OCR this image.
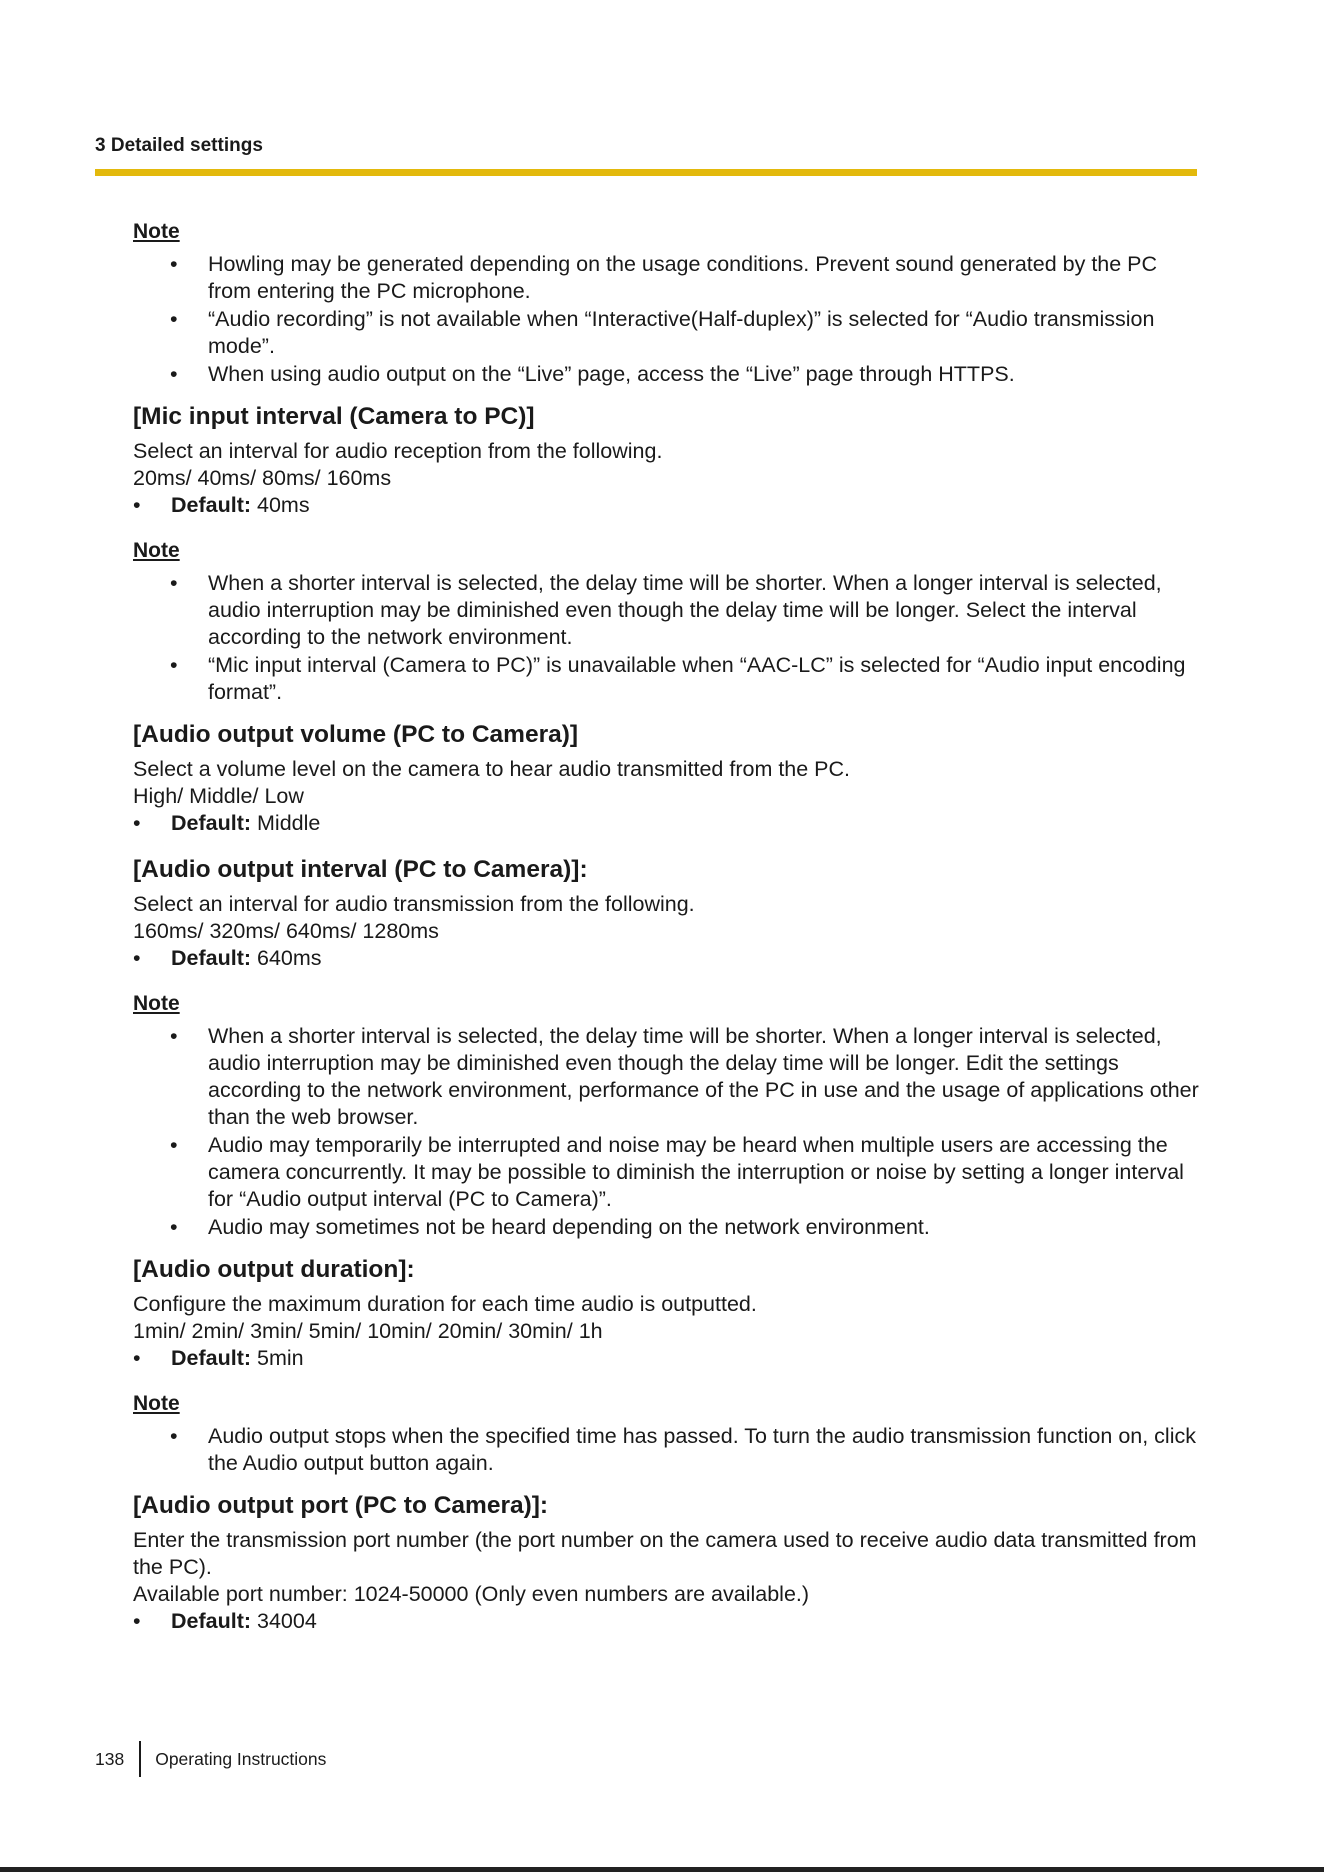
3 Detailed settings
Note
• Howling may be generated depending on the usage conditions. Prevent sound generated by the PC from entering the PC microphone.
• “Audio recording” is not available when “Interactive(Half-duplex)” is selected for “Audio transmission mode”.
• When using audio output on the “Live” page, access the “Live” page through HTTPS.
[Mic input interval (Camera to PC)]

Select an interval for audio reception from the following.

20ms/ 40ms/ 80ms/ 160ms

• Default: 40ms

Note
• When a shorter interval is selected, the delay time will be shorter. When a longer interval is selected, audio interruption may be diminished even though the delay time will be longer. Select the interval according to the network environment.
• “Mic input interval (Camera to PC)” is unavailable when “AAC-LC” is selected for “Audio input encoding format”.
[Audio output volume (PC to Camera)]

Select a volume level on the camera to hear audio transmitted from the PC.

High/ Middle/ Low

• Default: Middle

[Audio output interval (PC to Camera)]:

Select an interval for audio transmission from the following.

160ms/ 320ms/ 640ms/ 1280ms

• Default: 640ms

Note
• When a shorter interval is selected, the delay time will be shorter. When a longer interval is selected, audio interruption may be diminished even though the delay time will be longer. Edit the settings according to the network environment, performance of the PC in use and the usage of applications other than the web browser.
• Audio may temporarily be interrupted and noise may be heard when multiple users are accessing the camera concurrently. It may be possible to diminish the interruption or noise by setting a longer interval for “Audio output interval (PC to Camera)”.
• Audio may sometimes not be heard depending on the network environment.
[Audio output duration]:

Configure the maximum duration for each time audio is outputted.

1min/ 2min/ 3min/ 5min/ 10min/ 20min/ 30min/ 1h

• Default: 5min

Note
• Audio output stops when the specified time has passed. To turn the audio transmission function on, click the Audio output button again.
[Audio output port (PC to Camera)]:

Enter the transmission port number (the port number on the camera used to receive audio data transmitted from the PC).

Available port number: 1024-50000 (Only even numbers are available.)

• Default: 34004

138 Operating Instructions
